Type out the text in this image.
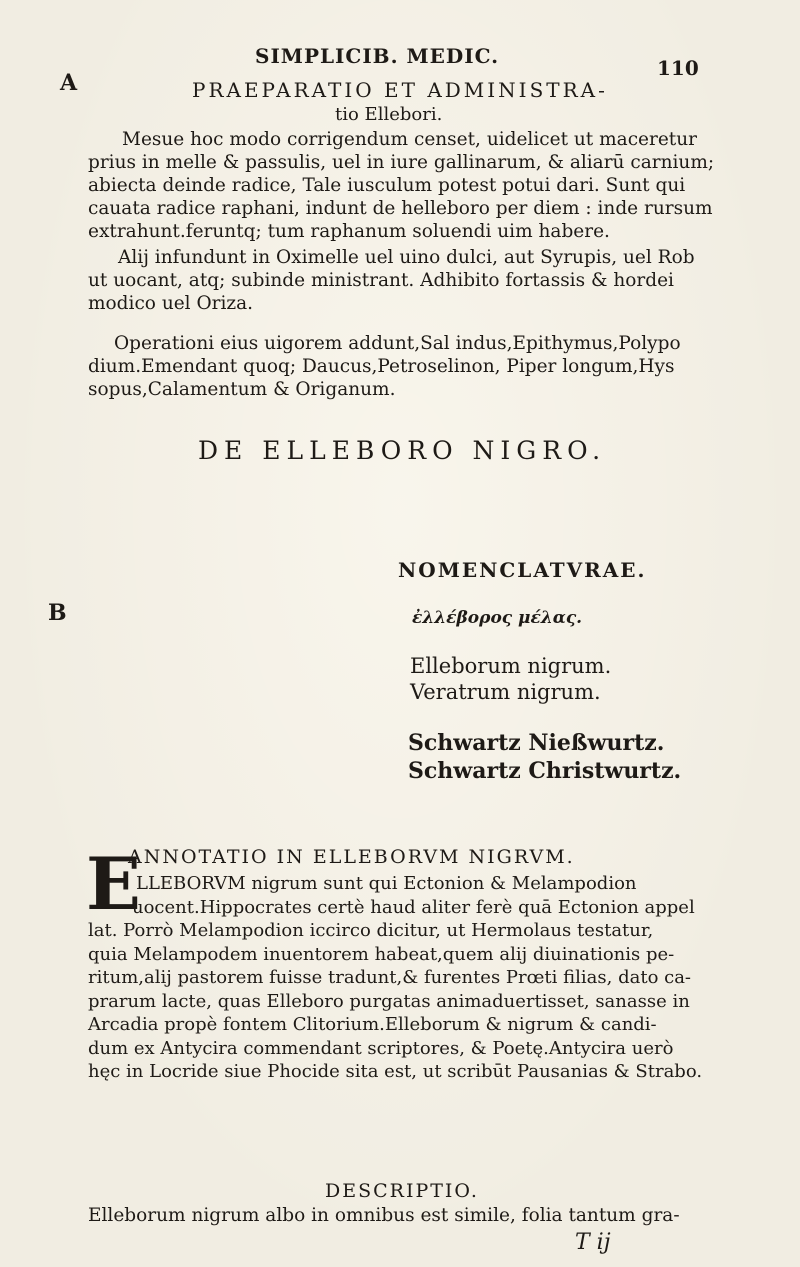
SIMPLICIB. MEDIC.	110
A
B
PRAEPARATIO ET ADMINISTRA-
tio Ellebori.
Mesue hoc modo corrigendum censet, uidelicet ut maceretur
prius in melle & passulis, uel in iure gallinarum, & aliarū carnium;
abiecta deinde radice, Tale iusculum potest potui dari. Sunt qui
cauata radice raphani, indunt de helleboro per diem : inde rursum
extrahunt.feruntq; tum raphanum soluendi uim habere.
Alij infundunt in Oximelle uel uino dulci, aut Syrupis, uel Rob
ut uocant, atq; subinde ministrant. Adhibito fortassis & hordei
modico uel Oriza.
Operationi eius uigorem addunt,Sal indus,Epithymus,Polypo
dium.Emendant quoq; Daucus,Petroselinon, Piper longum,Hys
sopus,Calamentum & Origanum.
DE ELLEBORO NIGRO.
NOMENCLATVRAE.
ἐλλέβορος μέλας.
Elleborum nigrum.
Veratrum nigrum.
Schwartz Nießwurtz.
Schwartz Christwurtz.
E
ANNOTATIO IN ELLEBORVM NIGRVM.
LLEBORVM nigrum sunt qui Ectonion & Melampodion
uocent.Hippocrates certè haud aliter ferè quā Ectonion appel
lat. Porrò Melampodion iccirco dicitur, ut Hermolaus testatur,
quia Melampodem inuentorem habeat,quem alij diuinationis pe-
ritum,alij pastorem fuisse tradunt,& furentes Prœti filias, dato ca-
prarum lacte, quas Elleboro purgatas animaduertisset, sanasse in
Arcadia propè fontem Clitorium.Elleborum & nigrum & candi-
dum ex Antycira commendant scriptores, & Poetę.Antycira uerò
hęc in Locride siue Phocide sita est, ut scribūt Pausanias & Strabo.
DESCRIPTIO.
Elleborum nigrum albo in omnibus est simile, folia tantum gra-
T ij
